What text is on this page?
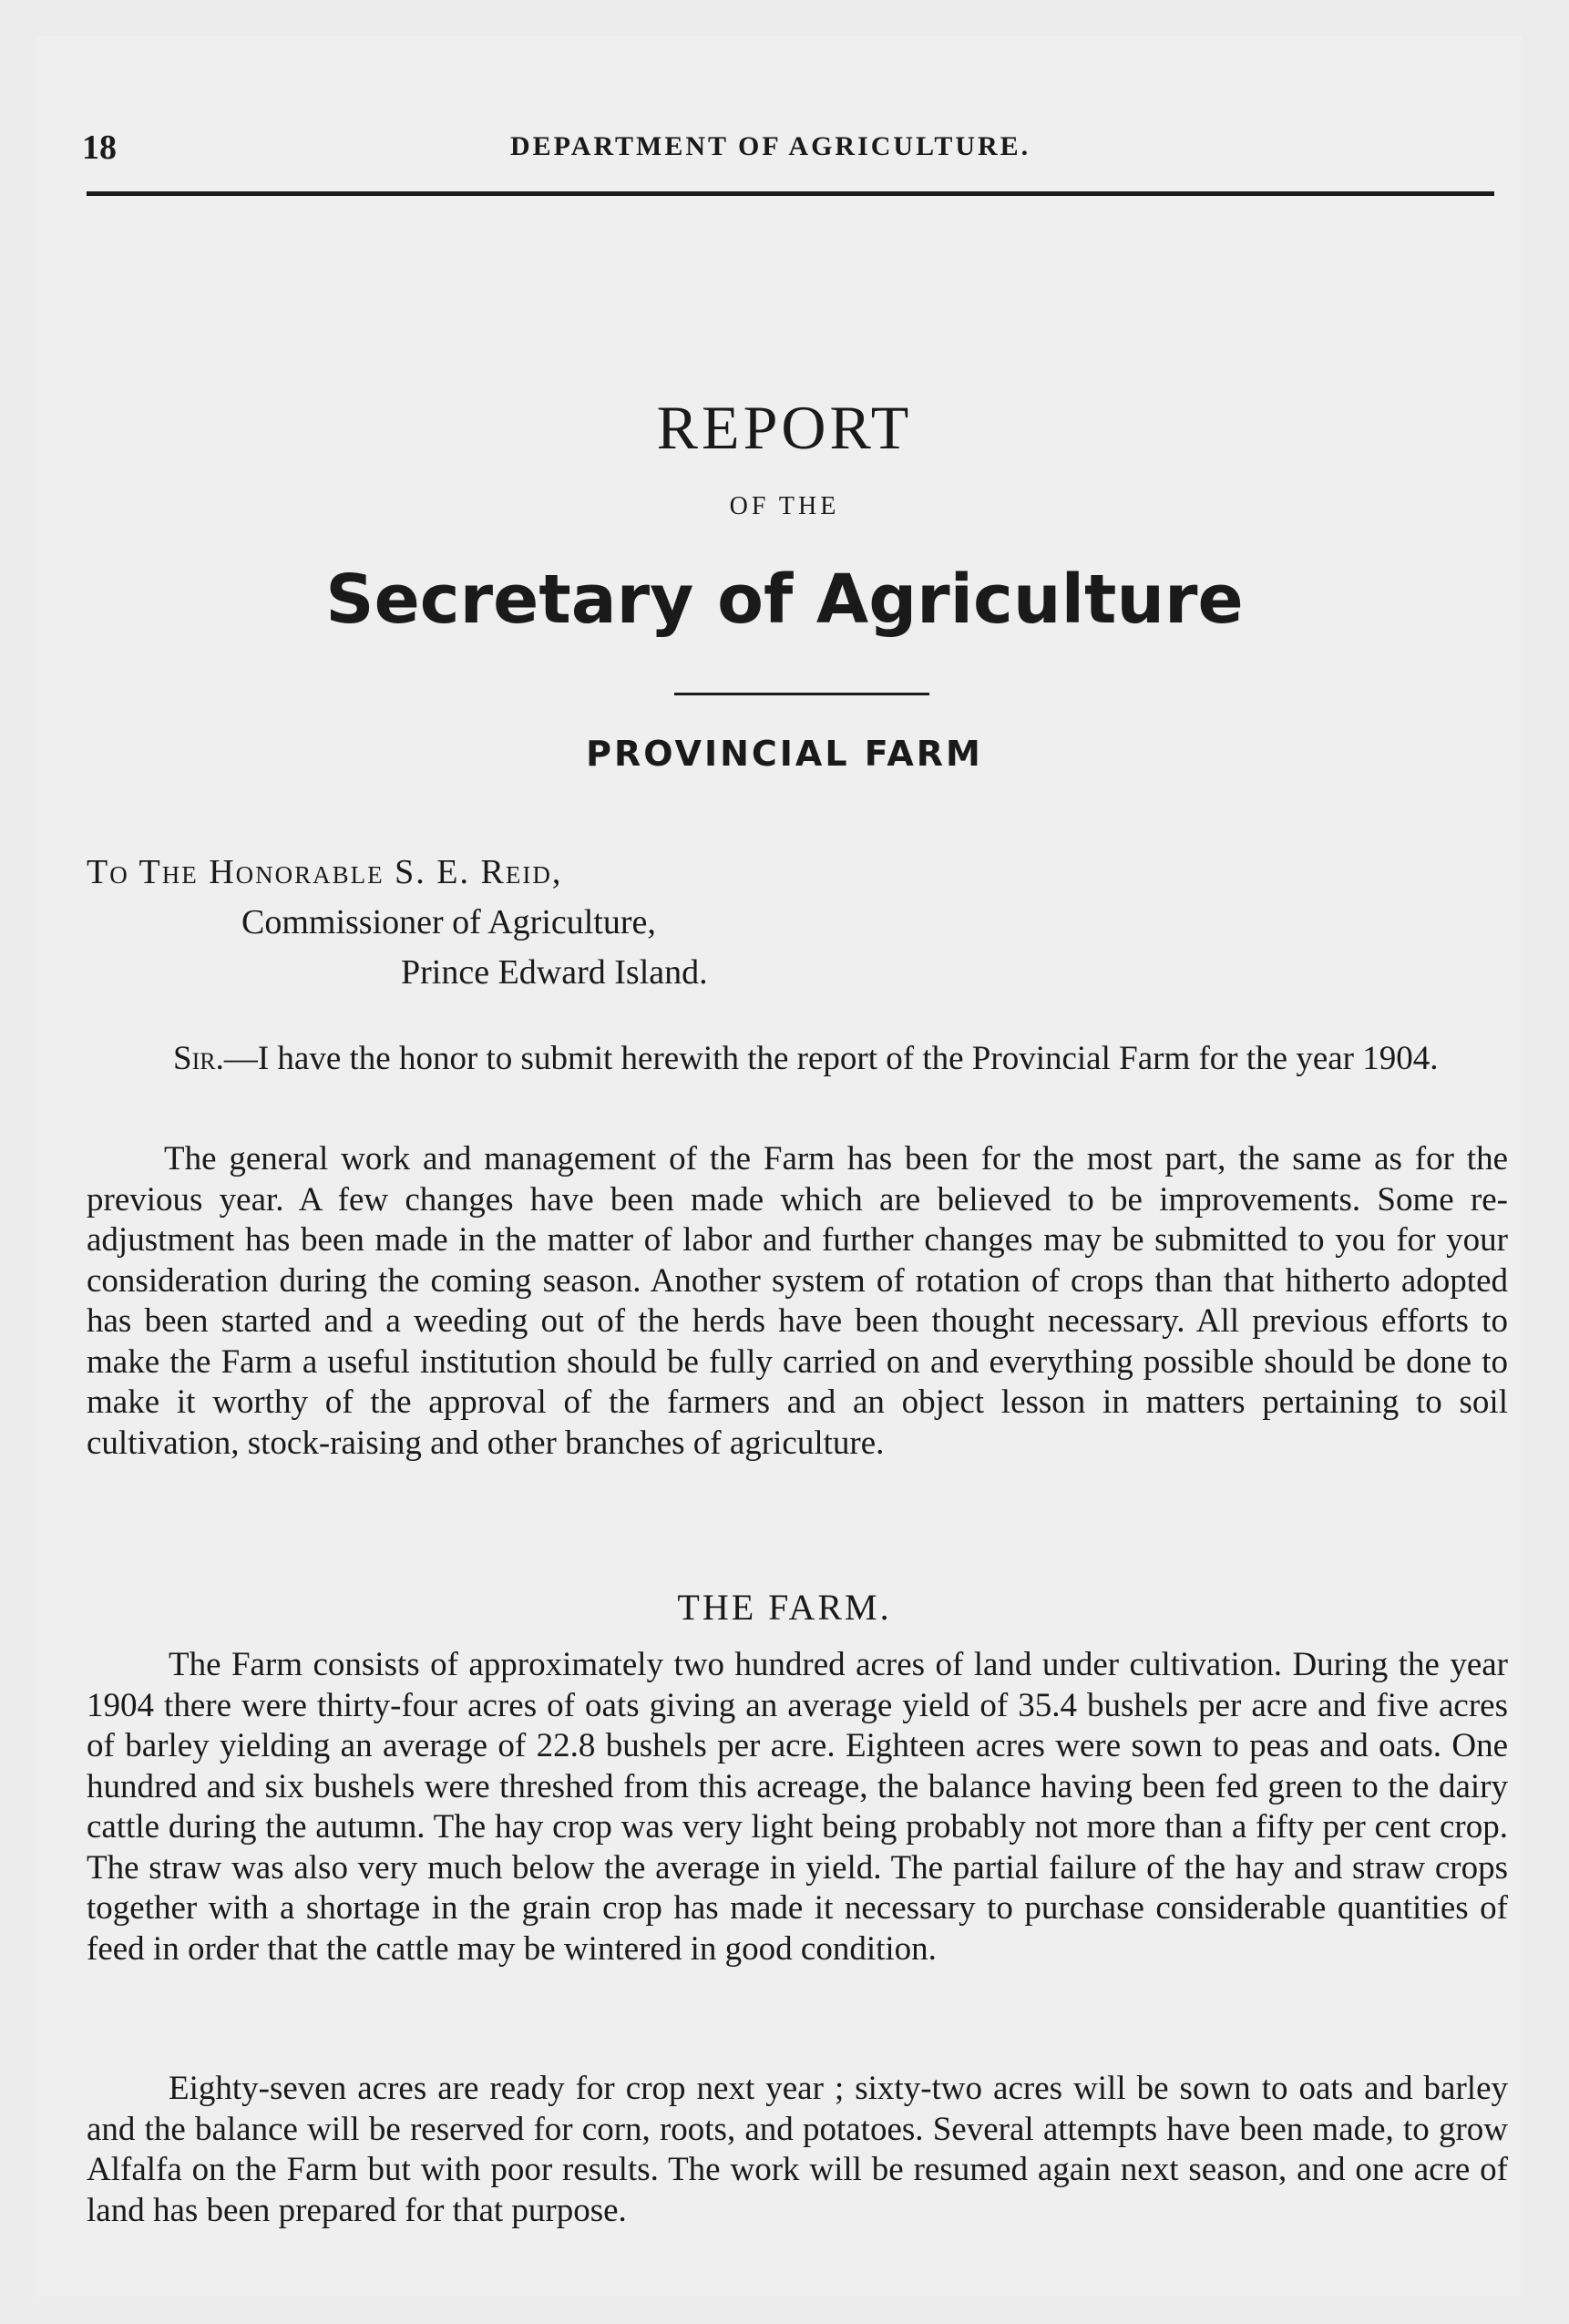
18	DEPARTMENT OF AGRICULTURE.
REPORT
OF THE
Secretary of Agriculture
PROVINCIAL FARM
To The Honorable S. E. Reid,
Commissioner of Agriculture,
Prince Edward Island.

Sir.—I have the honor to submit herewith the report of the Provincial Farm for the year 1904.

The general work and management of the Farm has been for the most part, the same as for the previous year. A few changes have been made which are believed to be improvements. Some re-adjustment has been made in the matter of labor and further changes may be submitted to you for your consideration during the coming season. Another system of rotation of crops than that hitherto adopted has been started and a weeding out of the herds have been thought necessary. All previous efforts to make the Farm a useful institution should be fully carried on and everything possible should be done to make it worthy of the approval of the farmers and an object lesson in matters pertaining to soil cultivation, stock-raising and other branches of agriculture.

THE FARM.

The Farm consists of approximately two hundred acres of land under cultivation. During the year 1904 there were thirty-four acres of oats giving an average yield of 35.4 bushels per acre and five acres of barley yielding an average of 22.8 bushels per acre. Eighteen acres were sown to peas and oats. One hundred and six bushels were threshed from this acreage, the balance having been fed green to the dairy cattle during the autumn. The hay crop was very light being probably not more than a fifty per cent crop. The straw was also very much below the average in yield. The partial failure of the hay and straw crops together with a shortage in the grain crop has made it necessary to purchase considerable quantities of feed in order that the cattle may be wintered in good condition.

Eighty-seven acres are ready for crop next year ; sixty-two acres will be sown to oats and barley and the balance will be reserved for corn, roots, and potatoes. Several attempts have been made, to grow Alfalfa on the Farm but with poor results. The work will be resumed again next season, and one acre of land has been prepared for that purpose.
